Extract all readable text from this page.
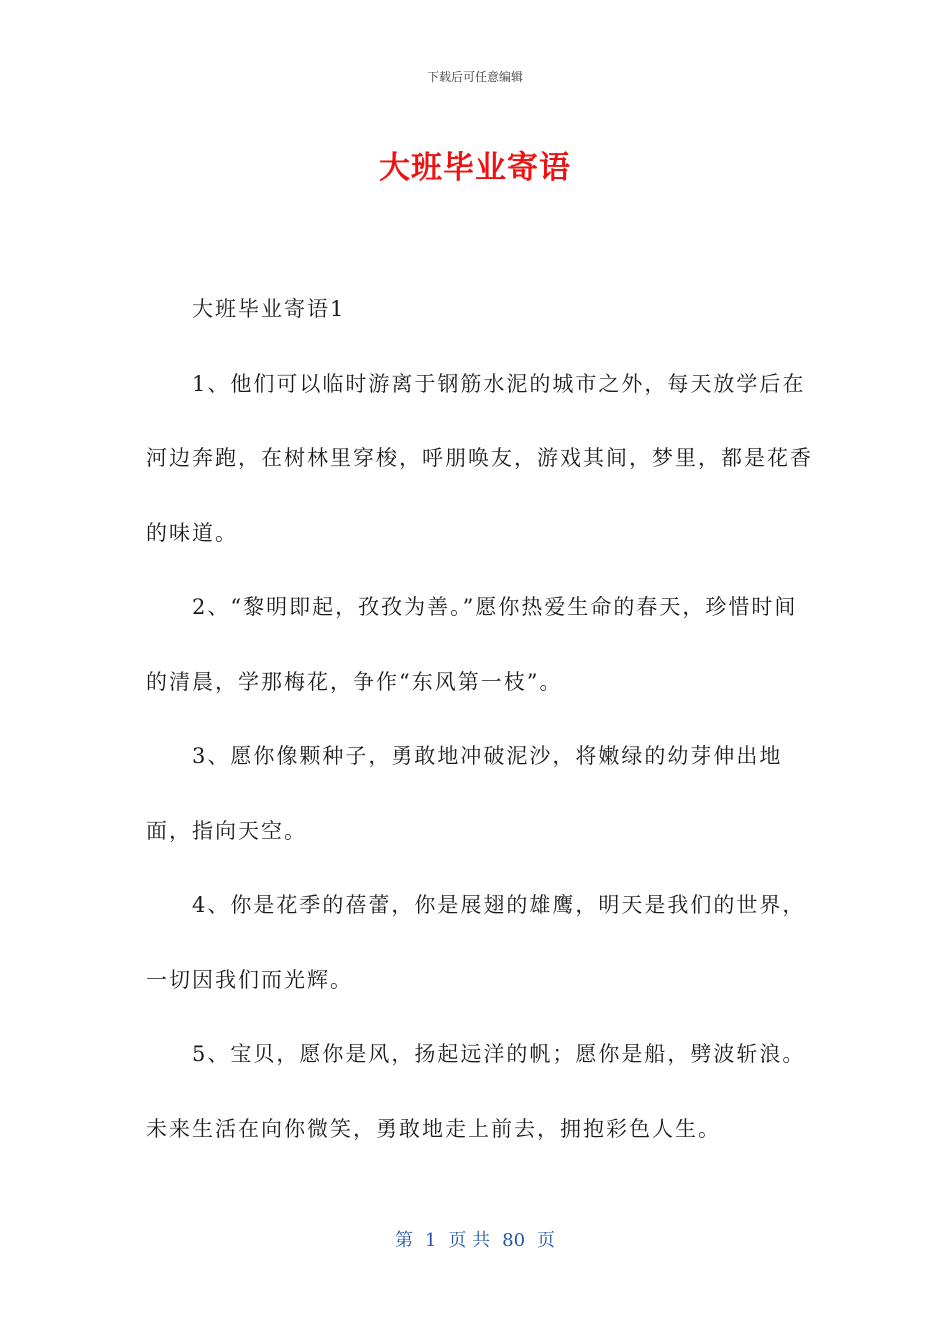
下载后可任意编辑
大班毕业寄语

大班毕业寄语1

1、他们可以临时游离于钢筋水泥的城市之外，每天放学后在河边奔跑，在树林里穿梭，呼朋唤友，游戏其间，梦里，都是花香的味道。

2、“黎明即起，孜孜为善。”愿你热爱生命的春天，珍惜时间的清晨，学那梅花，争作“东风第一枝”。

3、愿你像颗种子，勇敢地冲破泥沙，将嫩绿的幼芽伸出地面，指向天空。

4、你是花季的蓓蕾，你是展翅的雄鹰，明天是我们的世界，一切因我们而光辉。

5、宝贝，愿你是风，扬起远洋的帆；愿你是船，劈波斩浪。未来生活在向你微笑，勇敢地走上前去，拥抱彩色人生。

第 1 页 共 80 页
